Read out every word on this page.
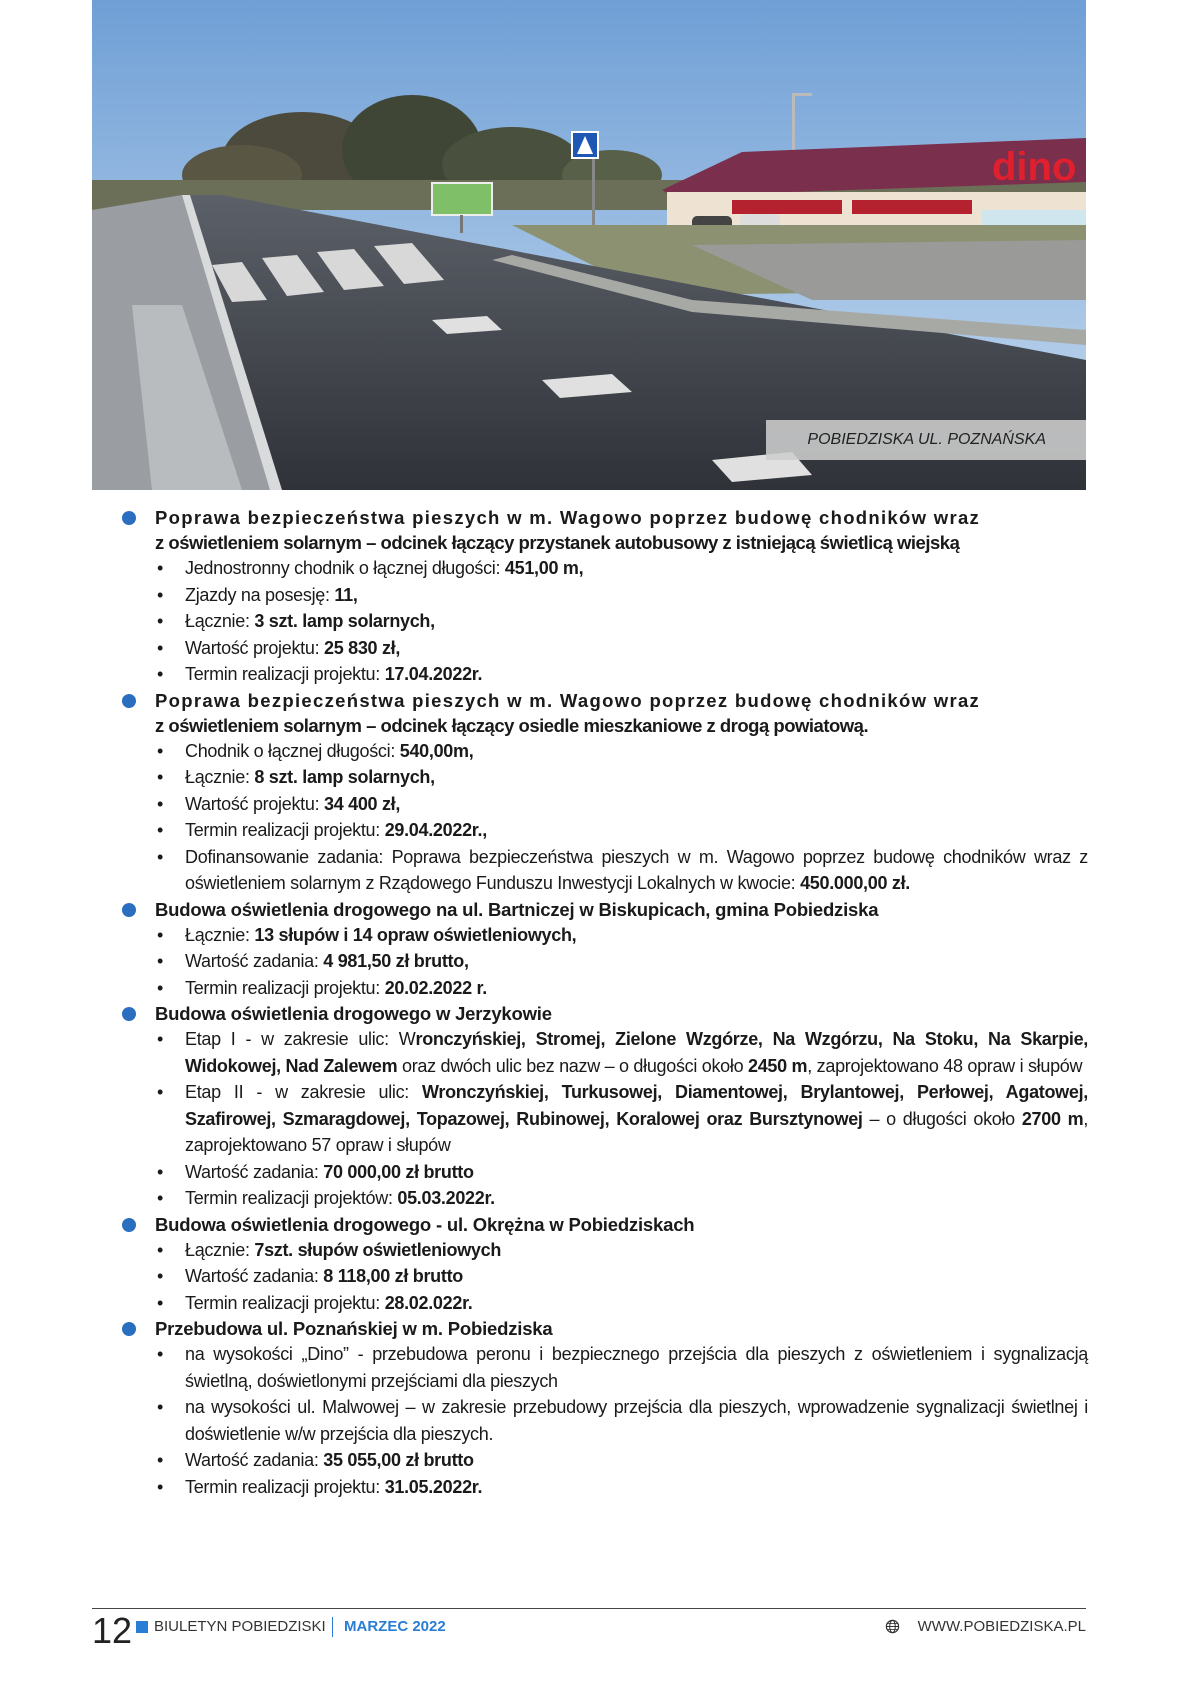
dino
POBIEDZISKA UL. POZNAŃSKA
Poprawa bezpieczeństwa pieszych w m. Wagowo poprzez budowę chodników wraz
z oświetleniem solarnym – odcinek łączący przystanek autobusowy z istniejącą świetlicą wiejską
• Jednostronny chodnik o łącznej długości: 451,00 m,
• Zjazdy na posesję: 11,
• Łącznie: 3 szt. lamp solarnych,
• Wartość projektu: 25 830 zł,
• Termin realizacji projektu: 17.04.2022r.
Poprawa bezpieczeństwa pieszych w m. Wagowo poprzez budowę chodników wraz
z oświetleniem solarnym – odcinek łączący osiedle mieszkaniowe z drogą powiatową.
• Chodnik o łącznej długości: 540,00m,
• Łącznie: 8 szt. lamp solarnych,
• Wartość projektu: 34 400 zł,
• Termin realizacji projektu: 29.04.2022r.,
• Dofinansowanie zadania: Poprawa bezpieczeństwa pieszych w m. Wagowo poprzez budowę chodników wraz z oświetleniem solarnym z Rządowego Funduszu Inwestycji Lokalnych w kwocie: 450.000,00 zł.
Budowa oświetlenia drogowego na ul. Bartniczej w Biskupicach, gmina Pobiedziska
• Łącznie: 13 słupów i 14 opraw oświetleniowych,
• Wartość zadania: 4 981,50 zł brutto,
• Termin realizacji projektu: 20.02.2022 r.
Budowa oświetlenia drogowego w Jerzykowie
• Etap I - w zakresie ulic: Wronczyńskiej, Stromej, Zielone Wzgórze, Na Wzgórzu, Na Stoku, Na Skarpie, Widokowej, Nad Zalewem oraz dwóch ulic bez nazw – o długości około 2450 m, zaprojektowano 48 opraw i słupów
• Etap II - w zakresie ulic: Wronczyńskiej, Turkusowej, Diamentowej, Brylantowej, Perłowej, Agatowej, Szafirowej, Szmaragdowej, Topazowej, Rubinowej, Koralowej oraz Bursztynowej – o długości około 2700 m, zaprojektowano 57 opraw i słupów
• Wartość zadania: 70 000,00 zł brutto
• Termin realizacji projektów: 05.03.2022r.
Budowa oświetlenia drogowego - ul. Okrężna w Pobiedziskach
• Łącznie: 7szt. słupów oświetleniowych
• Wartość zadania: 8 118,00 zł brutto
• Termin realizacji projektu: 28.02.022r.
Przebudowa ul. Poznańskiej w m. Pobiedziska
• na wysokości „Dino” - przebudowa peronu i bezpiecznego przejścia dla pieszych z oświetleniem i sygnalizacją świetlną, doświetlonymi przejściami dla pieszych
• na wysokości ul. Malwowej – w zakresie przebudowy przejścia dla pieszych, wprowadzenie sygnalizacji świetlnej i doświetlenie w/w przejścia dla pieszych.
• Wartość zadania: 35 055,00 zł brutto
• Termin realizacji projektu: 31.05.2022r.
12 BIULETYN POBIEDZISKI MARZEC 2022	WWW.POBIEDZISKA.PL
